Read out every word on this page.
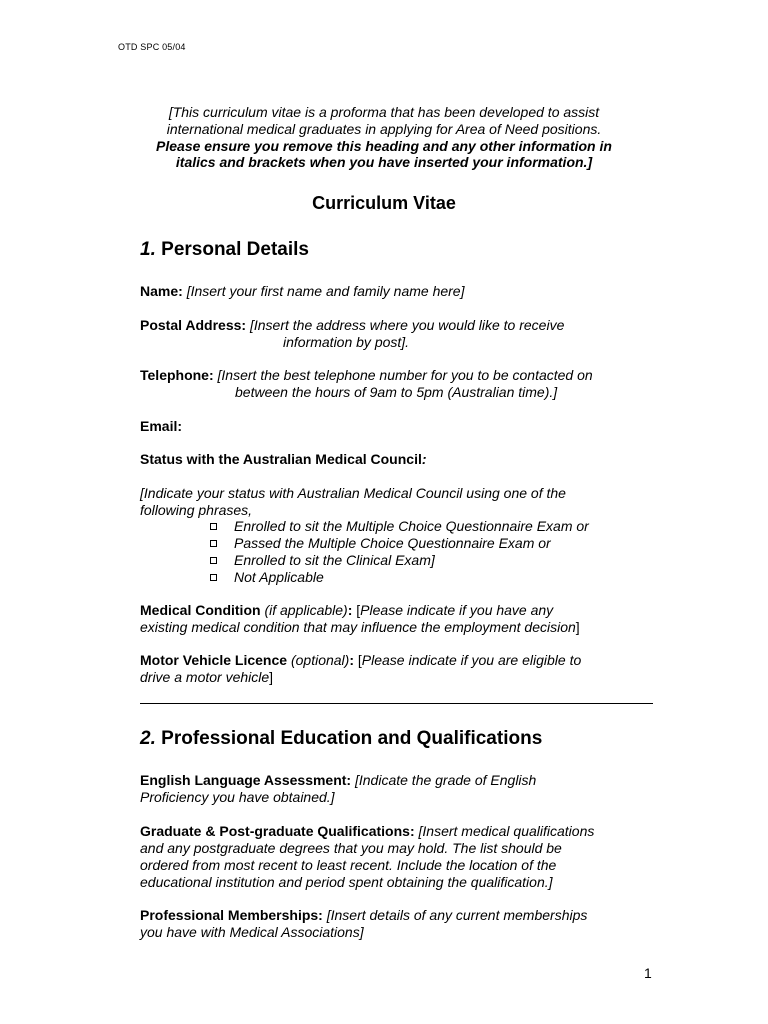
OTD SPC 05/04
[This curriculum vitae is a proforma that has been developed to assist
international medical graduates in applying for Area of Need positions.
Please ensure you remove this heading and any other information in
italics and brackets when you have inserted your information.]
Curriculum Vitae
1. Personal Details
Name: [Insert your first name and family name here]
Postal Address: [Insert the address where you would like to receive
information by post].
Telephone: [Insert the best telephone number for you to be contacted on
between the hours of 9am to 5pm (Australian time).]
Email:
Status with the Australian Medical Council:
[Indicate your status with Australian Medical Council using one of the
following phrases,
Enrolled to sit the Multiple Choice Questionnaire Exam or
Passed the Multiple Choice Questionnaire Exam or
Enrolled to sit the Clinical Exam]
Not Applicable
Medical Condition (if applicable): [Please indicate if you have any
existing medical condition that may influence the employment decision]
Motor Vehicle Licence (optional): [Please indicate if you are eligible to
drive a motor vehicle]
2. Professional Education and Qualifications
English Language Assessment: [Indicate the grade of English
Proficiency you have obtained.]
Graduate & Post-graduate Qualifications: [Insert medical qualifications
and any postgraduate degrees that you may hold. The list should be
ordered from most recent to least recent. Include the location of the
educational institution and period spent obtaining the qualification.]
Professional Memberships: [Insert details of any current memberships
you have with Medical Associations]
1
